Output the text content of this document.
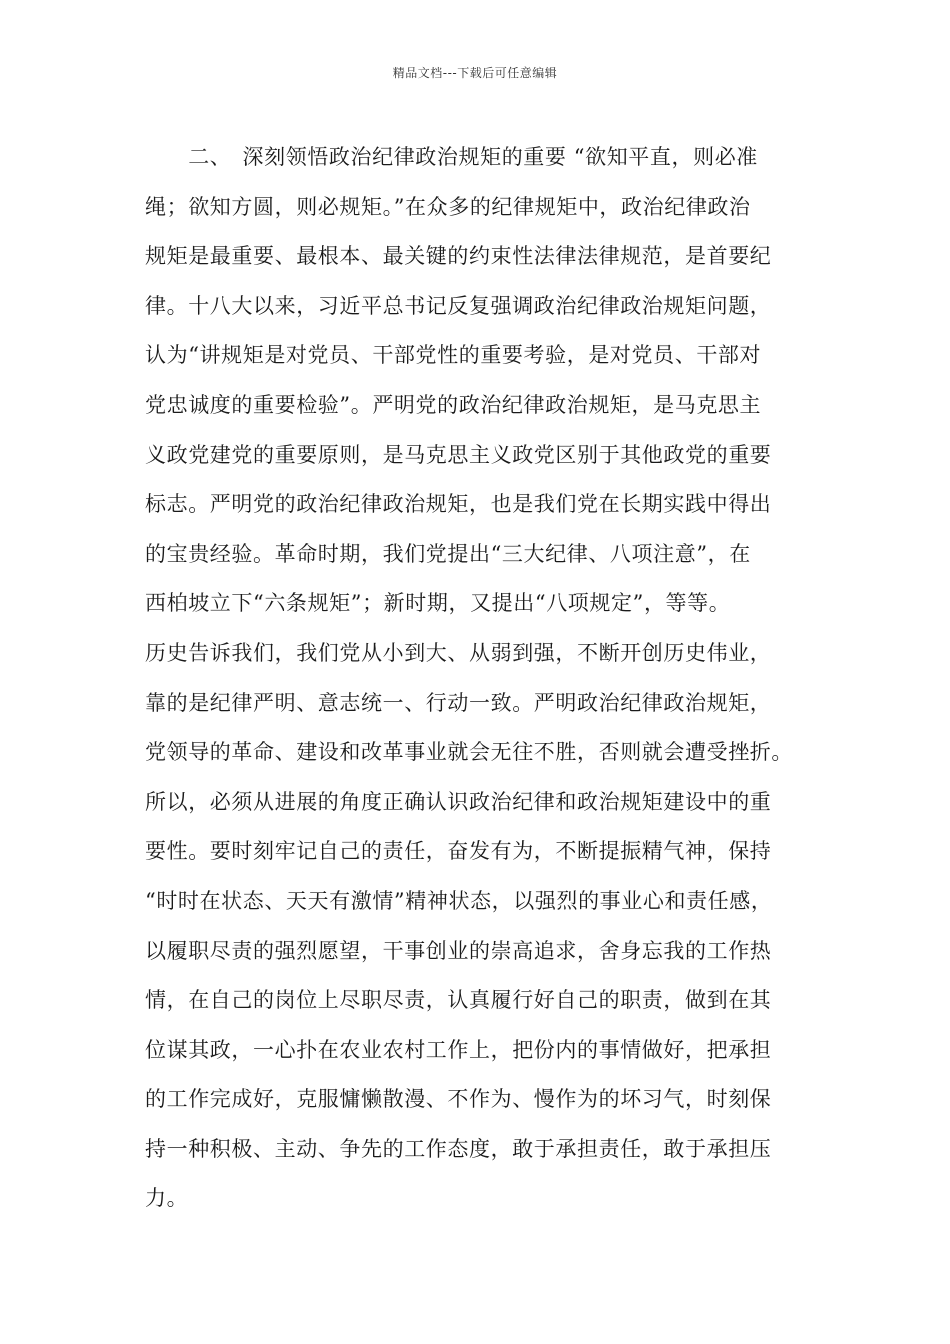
精品文档---下载后可任意编辑
　　二、　深刻领悟政治纪律政治规矩的重要 “欲知平直，则必准
绳；欲知方圆，则必规矩。”在众多的纪律规矩中，政治纪律政治
规矩是最重要、最根本、最关键的约束性法律法律规范，是首要纪
律。十八大以来，习近平总书记反复强调政治纪律政治规矩问题，
认为“讲规矩是对党员、干部党性的重要考验，是对党员、干部对
党忠诚度的重要检验”。严明党的政治纪律政治规矩，是马克思主
义政党建党的重要原则，是马克思主义政党区别于其他政党的重要
标志。严明党的政治纪律政治规矩，也是我们党在长期实践中得出
的宝贵经验。革命时期，我们党提出“三大纪律、八项注意”，在
西柏坡立下“六条规矩”；新时期，又提出“八项规定”，等等。
历史告诉我们，我们党从小到大、从弱到强，不断开创历史伟业，
靠的是纪律严明、意志统一、行动一致。严明政治纪律政治规矩，
党领导的革命、建设和改革事业就会无往不胜，否则就会遭受挫折。
所以，必须从进展的角度正确认识政治纪律和政治规矩建设中的重
要性。要时刻牢记自己的责任，奋发有为，不断提振精气神，保持
“时时在状态、天天有激情”精神状态，以强烈的事业心和责任感，
以履职尽责的强烈愿望，干事创业的崇高追求，舍身忘我的工作热
情，在自己的岗位上尽职尽责，认真履行好自己的职责，做到在其
位谋其政，一心扑在农业农村工作上，把份内的事情做好，把承担
的工作完成好，克服慵懒散漫、不作为、慢作为的坏习气，时刻保
持一种积极、主动、争先的工作态度，敢于承担责任，敢于承担压
力。
